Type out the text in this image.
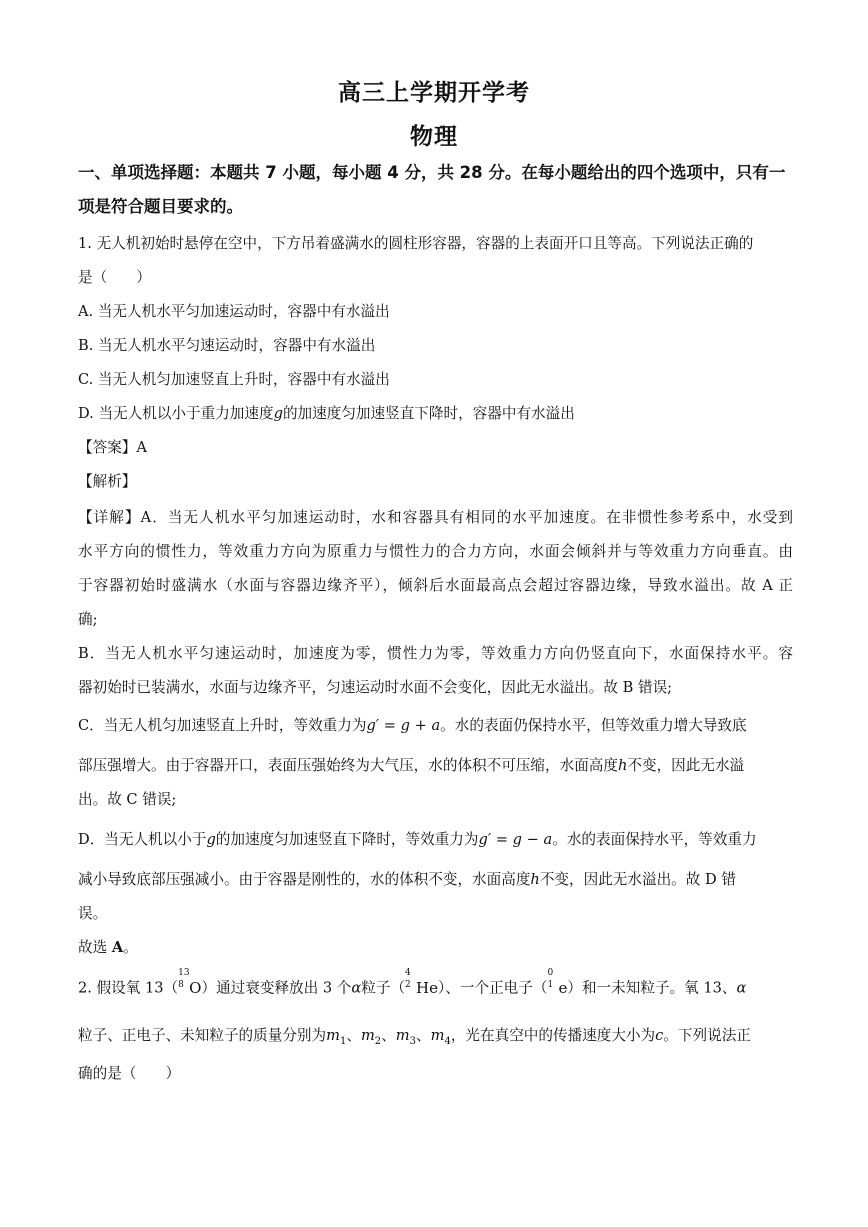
高三上学期开学考
物理
一、单项选择题：本题共 7 小题，每小题 4 分，共 28 分。在每小题给出的四个选项中，只有一项是符合题目要求的。
1. 无人机初始时悬停在空中，下方吊着盛满水的圆柱形容器，容器的上表面开口且等高。下列说法正确的
是（　　）
A. 当无人机水平匀加速运动时，容器中有水溢出
B. 当无人机水平匀速运动时，容器中有水溢出
C. 当无人机匀加速竖直上升时，容器中有水溢出
D. 当无人机以小于重力加速度g的加速度匀加速竖直下降时，容器中有水溢出
【答案】A
【解析】
【详解】A．当无人机水平匀加速运动时，水和容器具有相同的水平加速度。在非惯性参考系中，水受到
水平方向的惯性力，等效重力方向为原重力与惯性力的合力方向，水面会倾斜并与等效重力方向垂直。由
于容器初始时盛满水（水面与容器边缘齐平），倾斜后水面最高点会超过容器边缘，导致水溢出。故 A 正
确;
B．当无人机水平匀速运动时，加速度为零，惯性力为零，等效重力方向仍竖直向下，水面保持水平。容
器初始时已装满水，水面与边缘齐平，匀速运动时水面不会变化，因此无水溢出。故 B 错误;
C．当无人机匀加速竖直上升时，等效重力为g′ = g + a。水的表面仍保持水平，但等效重力增大导致底
部压强增大。由于容器开口，表面压强始终为大气压，水的体积不可压缩，水面高度h不变，因此无水溢
出。故 C 错误;
D．当无人机以小于g的加速度匀加速竖直下降时，等效重力为g′ = g − a。水的表面保持水平，等效重力
减小导致底部压强减小。由于容器是刚性的，水的体积不变，水面高度h不变，因此无水溢出。故 D 错
误。
故选 A。
2. 假设氧 13（
13
8 O）通过衰变释放出 3 个α粒子（
4
2 He）、一个正电子（
0
1 e）和一未知粒子。氧 13、α
粒子、正电子、未知粒子的质量分别为$m_1$、$m_2$、$m_3$、$m_4$，光在真空中的传播速度大小为c。下列说法正
确的是（　　）
